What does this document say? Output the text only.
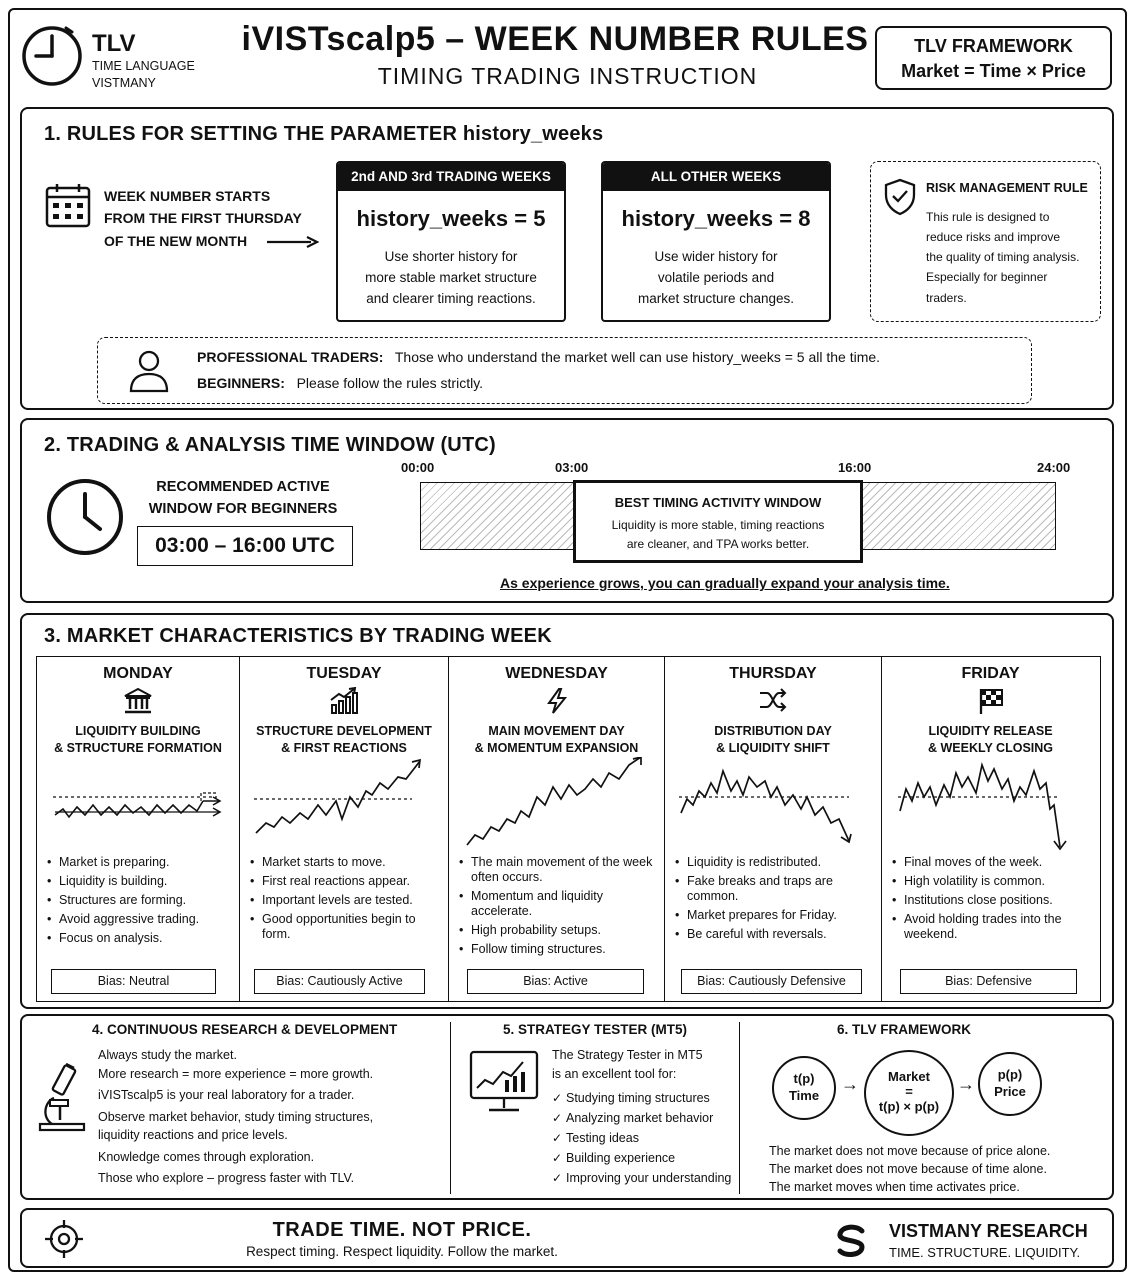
TLV
TIME LANGUAGE
VISTMANY
iVISTscalp5 – WEEK NUMBER RULES
TIMING TRADING INSTRUCTION
TLV FRAMEWORK
Market = Time × Price
1. RULES FOR SETTING THE PARAMETER history_weeks
WEEK NUMBER STARTS
FROM THE FIRST THURSDAY
OF THE NEW MONTH
2nd AND 3rd TRADING WEEKS
history_weeks = 5
Use shorter history for
more stable market structure
and clearer timing reactions.
ALL OTHER WEEKS
history_weeks = 8
Use wider history for
volatile periods and
market structure changes.
RISK MANAGEMENT RULE
This rule is designed to
reduce risks and improve
the quality of timing analysis.
Especially for beginner
traders.
PROFESSIONAL TRADERS: Those who understand the market well can use history_weeks = 5 all the time.
BEGINNERS: Please follow the rules strictly.
2. TRADING & ANALYSIS TIME WINDOW (UTC)
RECOMMENDED ACTIVE
WINDOW FOR BEGINNERS
03:00 – 16:00 UTC
00:00	03:00	16:00	24:00
BEST TIMING ACTIVITY WINDOW
Liquidity is more stable, timing reactions
are cleaner, and TPA works better.
As experience grows, you can gradually expand your analysis time.
3. MARKET CHARACTERISTICS BY TRADING WEEK
MONDAY
LIQUIDITY BUILDING
& STRUCTURE FORMATION
• Market is preparing.
• Liquidity is building.
• Structures are forming.
• Avoid aggressive trading.
• Focus on analysis.
Bias: Neutral
TUESDAY
STRUCTURE DEVELOPMENT
& FIRST REACTIONS
• Market starts to move.
• First real reactions appear.
• Important levels are tested.
• Good opportunities begin to form.
Bias: Cautiously Active
WEDNESDAY
MAIN MOVEMENT DAY
& MOMENTUM EXPANSION
• The main movement of the week often occurs.
• Momentum and liquidity accelerate.
• High probability setups.
• Follow timing structures.
Bias: Active
THURSDAY
DISTRIBUTION DAY
& LIQUIDITY SHIFT
• Liquidity is redistributed.
• Fake breaks and traps are common.
• Market prepares for Friday.
• Be careful with reversals.
Bias: Cautiously Defensive
FRIDAY
LIQUIDITY RELEASE
& WEEKLY CLOSING
• Final moves of the week.
• High volatility is common.
• Institutions close positions.
• Avoid holding trades into the weekend.
Bias: Defensive
4. CONTINUOUS RESEARCH & DEVELOPMENT
Always study the market.
More research = more experience = more growth.
iVISTscalp5 is your real laboratory for a trader.
Observe market behavior, study timing structures,
liquidity reactions and price levels.
Knowledge comes through exploration.
Those who explore – progress faster with TLV.
5. STRATEGY TESTER (MT5)
The Strategy Tester in MT5
is an excellent tool for:
✓ Studying timing structures
✓ Analyzing market behavior
✓ Testing ideas
✓ Building experience
✓ Improving your understanding
6. TLV FRAMEWORK
t(p)
Time
→	Market
=
t(p) × p(p)
→	p(p)
Price
The market does not move because of price alone.
The market does not move because of time alone.
The market moves when time activates price.
TRADE TIME. NOT PRICE.
Respect timing. Respect liquidity. Follow the market.
VISTMANY RESEARCH
TIME. STRUCTURE. LIQUIDITY.
